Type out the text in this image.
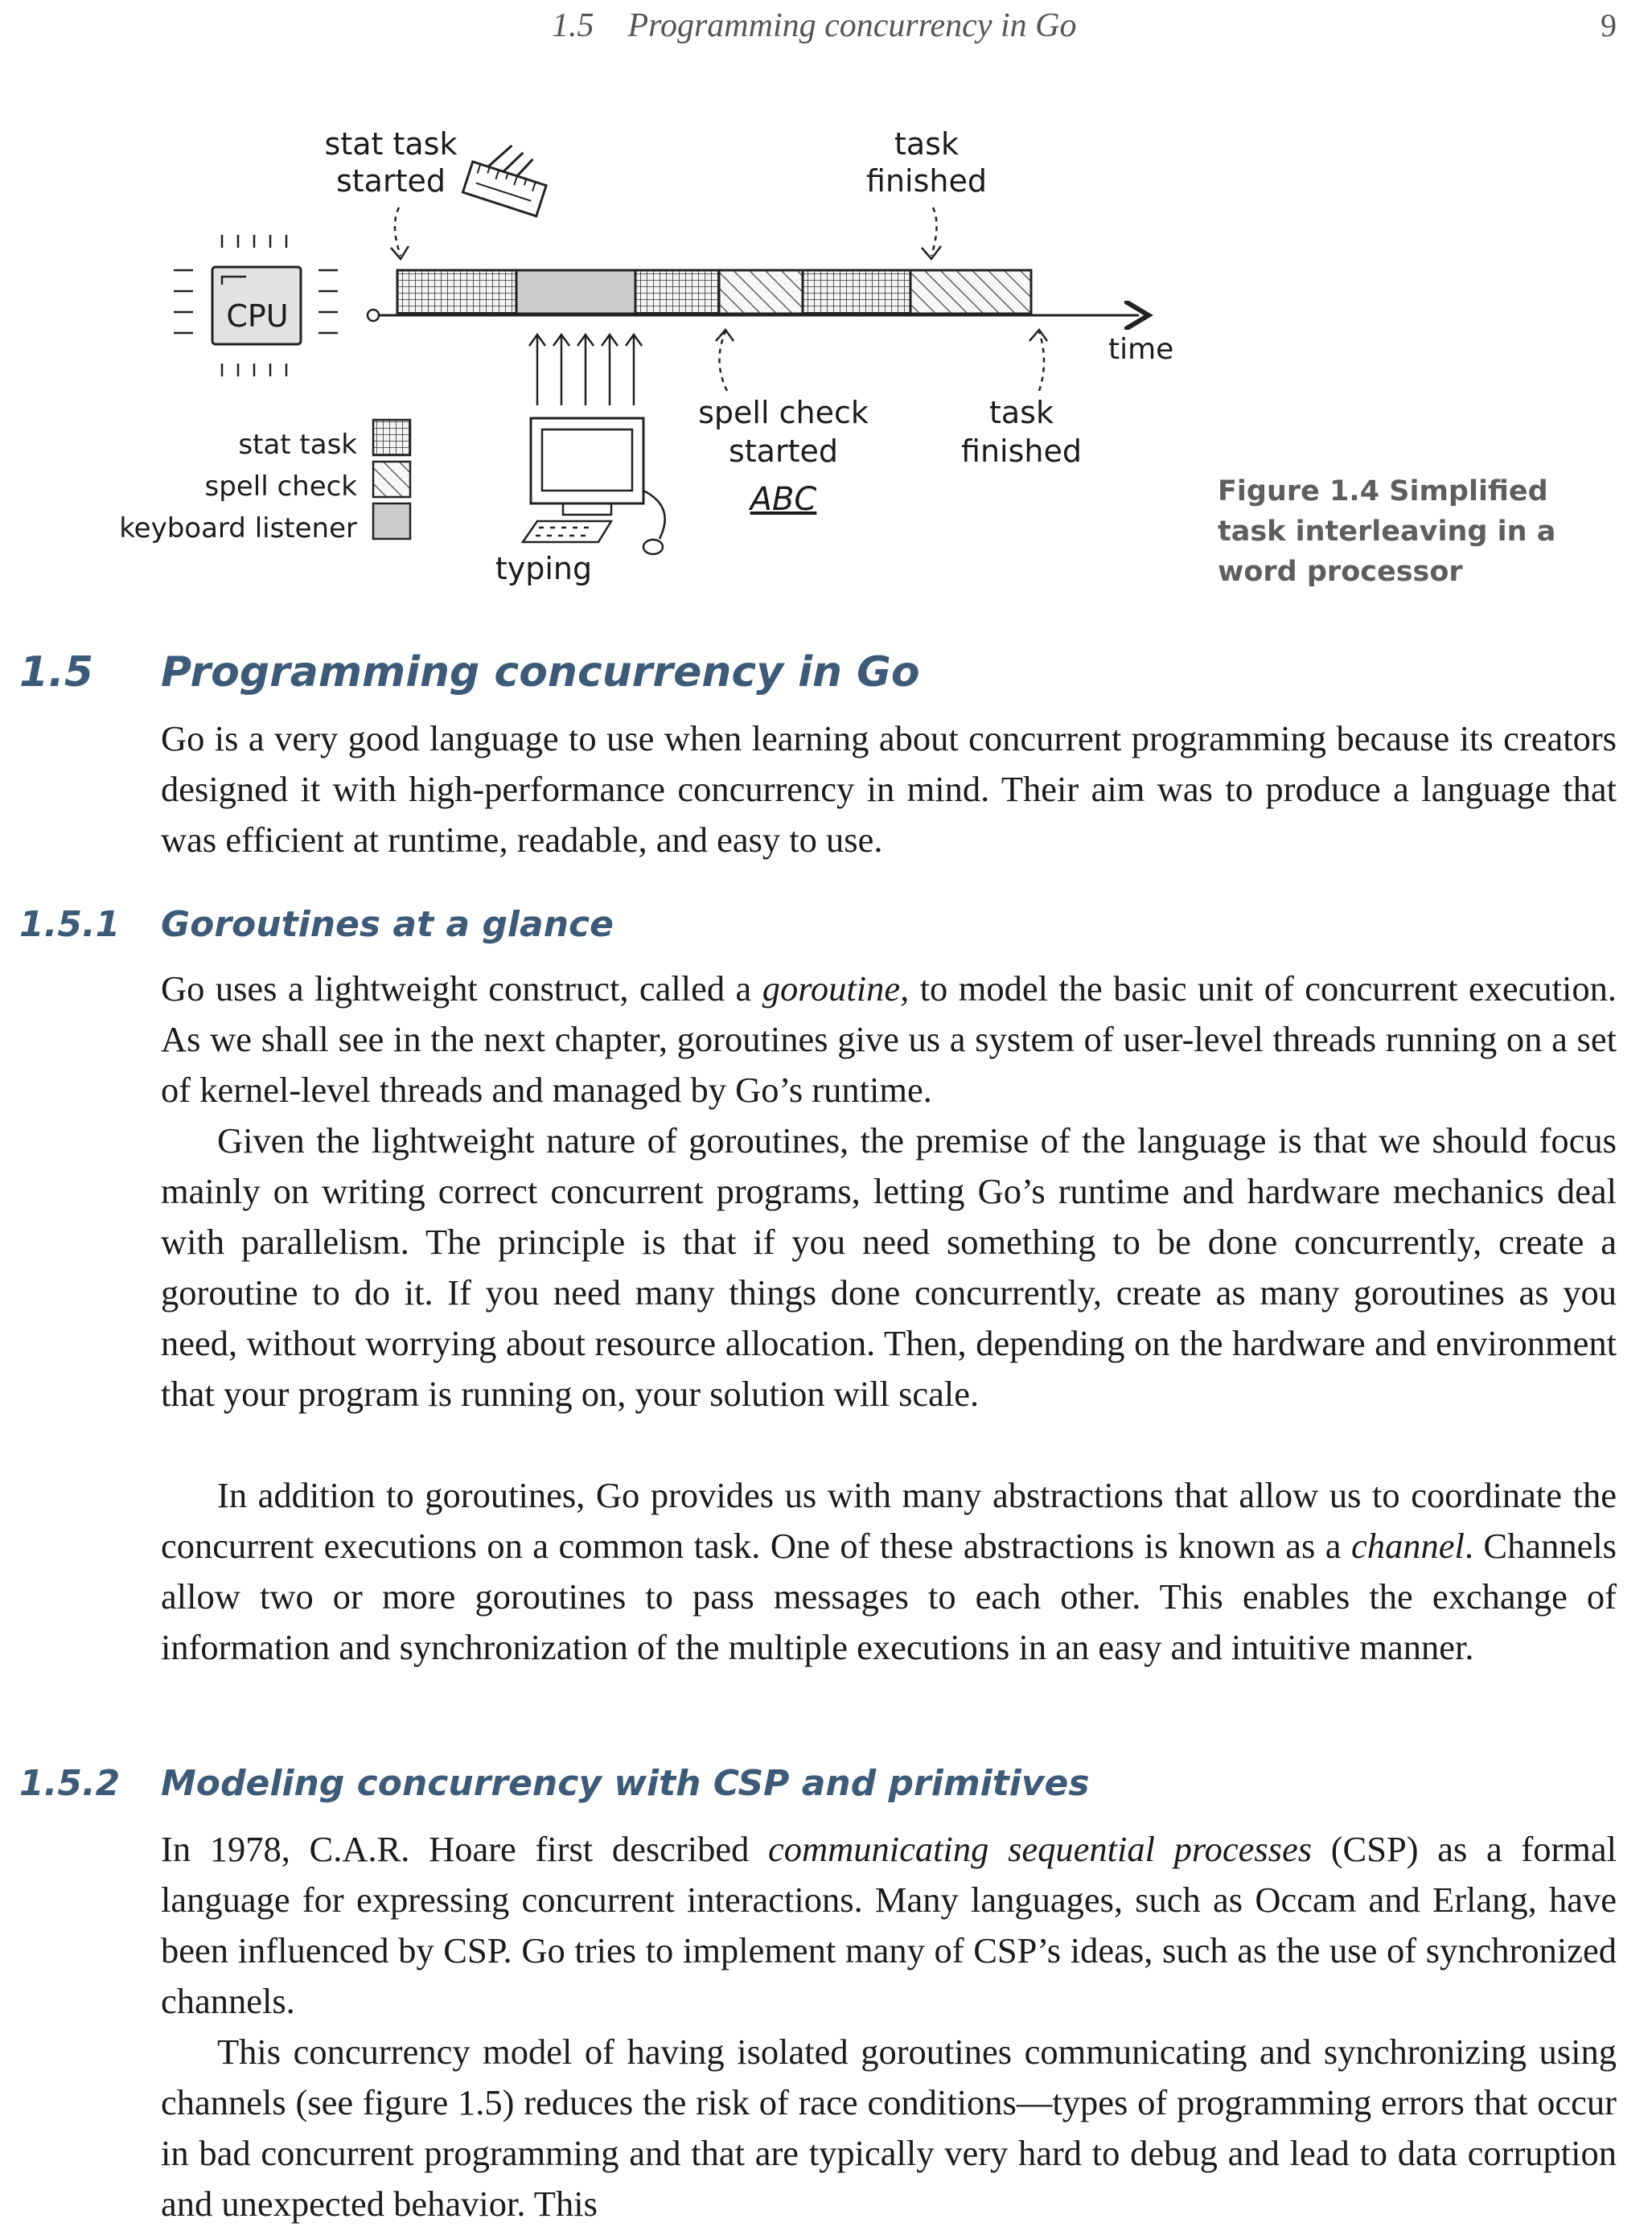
1.5    Programming concurrency in Go	9
stat task
started
task
finished
CPU
time
spell check
started
ABC
task
finished
typing
stat task
spell check
keyboard listener
Figure 1.4 Simplified task interleaving in a word processor
1.5 Programming concurrency in Go

Go is a very good language to use when learning about concurrent programming because its creators designed it with high-performance concurrency in mind. Their aim was to produce a language that was efficient at runtime, readable, and easy to use.

1.5.1 Goroutines at a glance

Go uses a lightweight construct, called a goroutine, to model the basic unit of concurrent execution. As we shall see in the next chapter, goroutines give us a system of user-level threads running on a set of kernel-level threads and managed by Go’s runtime.

Given the lightweight nature of goroutines, the premise of the language is that we should focus mainly on writing correct concurrent programs, letting Go’s runtime and hardware mechanics deal with parallelism. The principle is that if you need something to be done concurrently, create a goroutine to do it. If you need many things done concurrently, create as many goroutines as you need, without worrying about resource allocation. Then, depending on the hardware and environment that your program is running on, your solution will scale.

In addition to goroutines, Go provides us with many abstractions that allow us to coordinate the concurrent executions on a common task. One of these abstractions is known as a channel. Channels allow two or more goroutines to pass messages to each other. This enables the exchange of information and synchronization of the multiple executions in an easy and intuitive manner.

1.5.2 Modeling concurrency with CSP and primitives

In 1978, C.A.R. Hoare first described communicating sequential processes (CSP) as a formal language for expressing concurrent interactions. Many languages, such as Occam and Erlang, have been influenced by CSP. Go tries to implement many of CSP’s ideas, such as the use of synchronized channels.

This concurrency model of having isolated goroutines communicating and synchronizing using channels (see figure 1.5) reduces the risk of race conditions—types of programming errors that occur in bad concurrent programming and that are typically very hard to debug and lead to data corruption and unexpected behavior. This
